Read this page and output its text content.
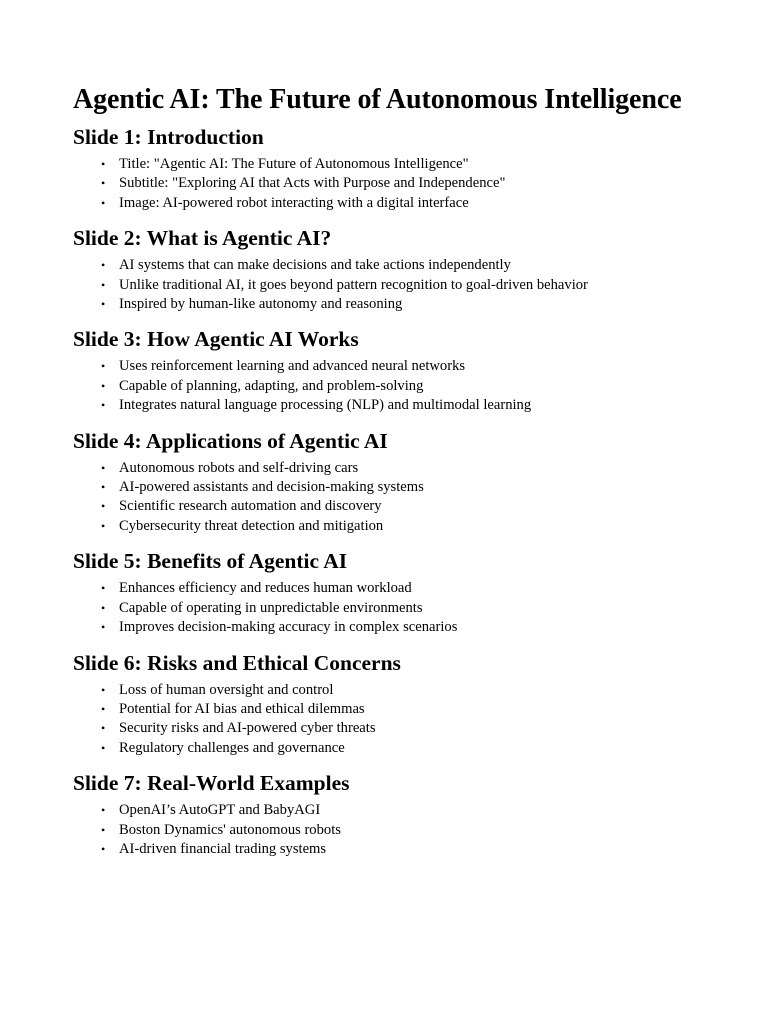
Agentic AI: The Future of Autonomous Intelligence
Slide 1: Introduction
• Title: "Agentic AI: The Future of Autonomous Intelligence"
• Subtitle: "Exploring AI that Acts with Purpose and Independence"
• Image: AI-powered robot interacting with a digital interface
Slide 2: What is Agentic AI?
• AI systems that can make decisions and take actions independently
• Unlike traditional AI, it goes beyond pattern recognition to goal-driven behavior
• Inspired by human-like autonomy and reasoning
Slide 3: How Agentic AI Works
• Uses reinforcement learning and advanced neural networks
• Capable of planning, adapting, and problem-solving
• Integrates natural language processing (NLP) and multimodal learning
Slide 4: Applications of Agentic AI
• Autonomous robots and self-driving cars
• AI-powered assistants and decision-making systems
• Scientific research automation and discovery
• Cybersecurity threat detection and mitigation
Slide 5: Benefits of Agentic AI
• Enhances efficiency and reduces human workload
• Capable of operating in unpredictable environments
• Improves decision-making accuracy in complex scenarios
Slide 6: Risks and Ethical Concerns
• Loss of human oversight and control
• Potential for AI bias and ethical dilemmas
• Security risks and AI-powered cyber threats
• Regulatory challenges and governance
Slide 7: Real-World Examples
• OpenAI’s AutoGPT and BabyAGI
• Boston Dynamics' autonomous robots
• AI-driven financial trading systems
